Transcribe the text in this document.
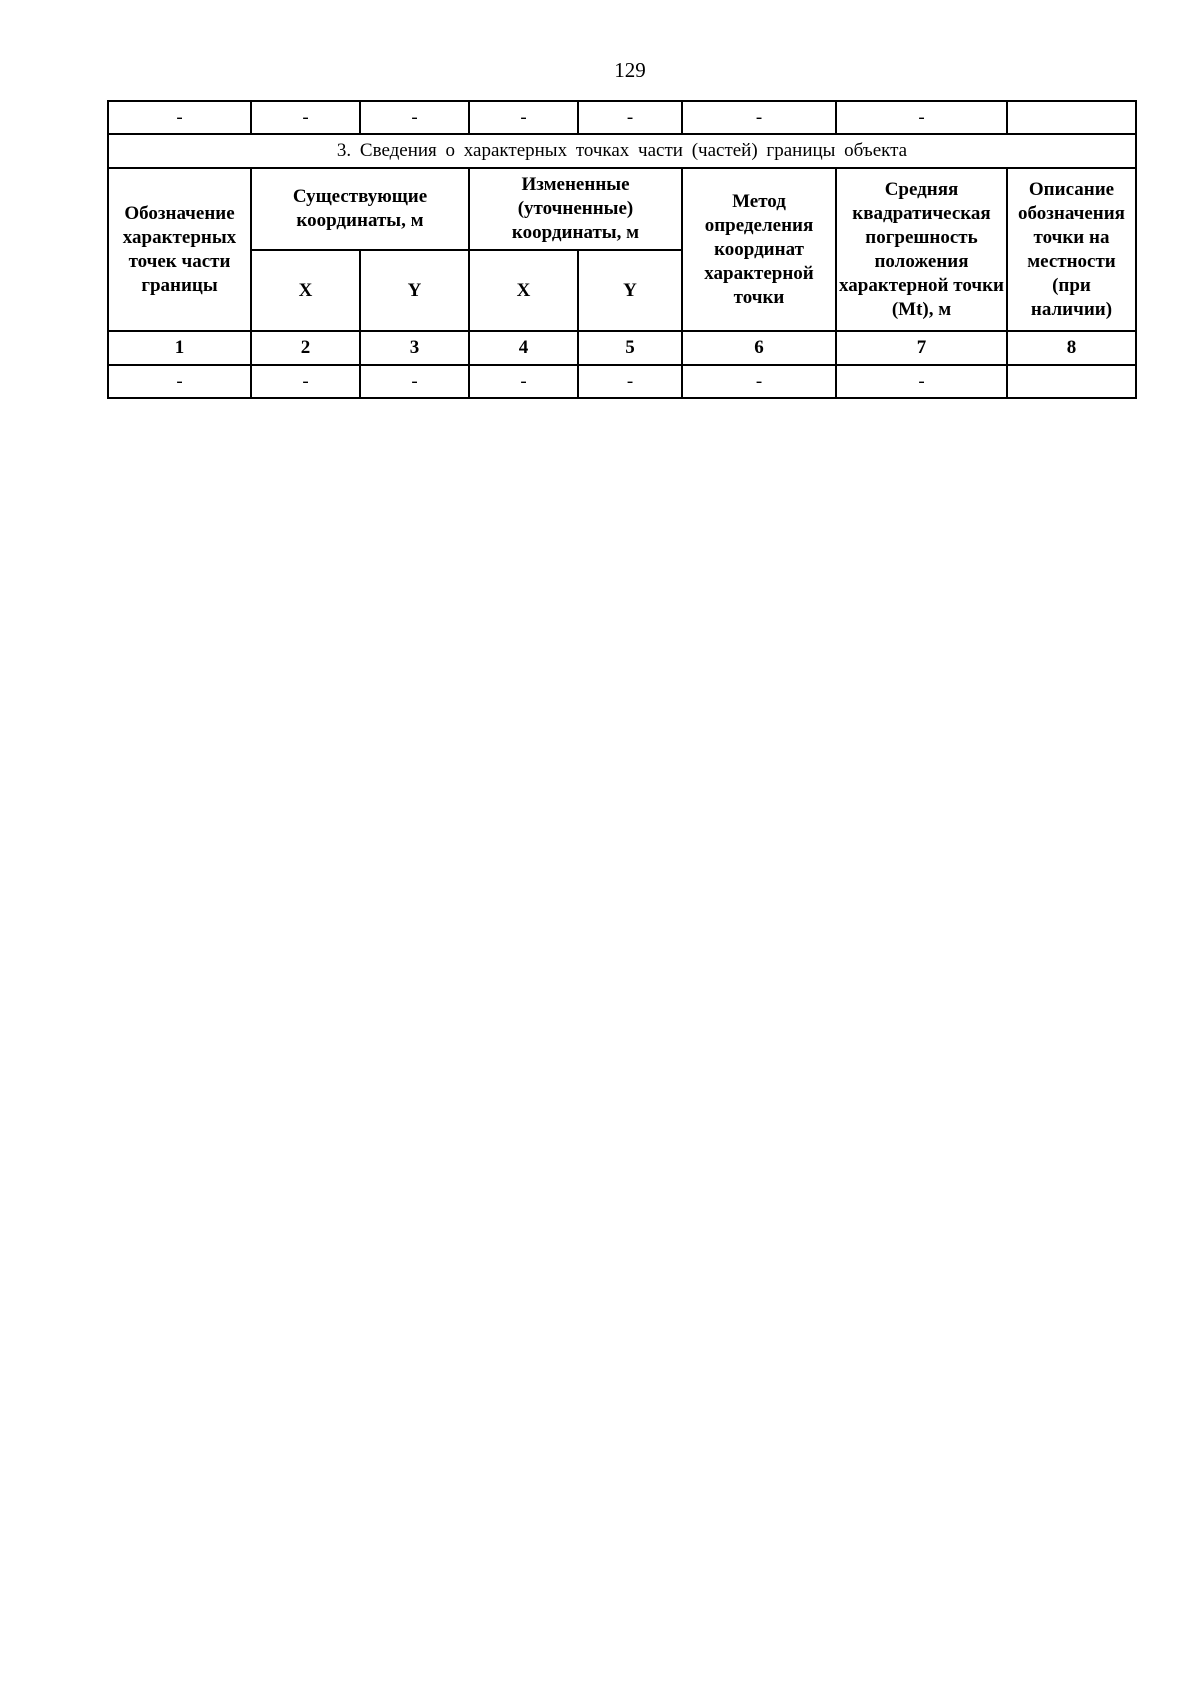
129
-	-	-	-	-	-	-	
3. Сведения о характерных точках части (частей) границы объекта							
Обозначение характерных точек части границы	Существующие координаты, м		Измененные (уточненные) координаты, м		Метод определения координат характерной точки	Средняя квадратическая погрешность положения характерной точки (Mt), м	Описание обозначения точки на местности (при наличии)
	X	Y	X	Y			
1	2	3	4	5	6	7	8
-	-	-	-	-	-	-	
